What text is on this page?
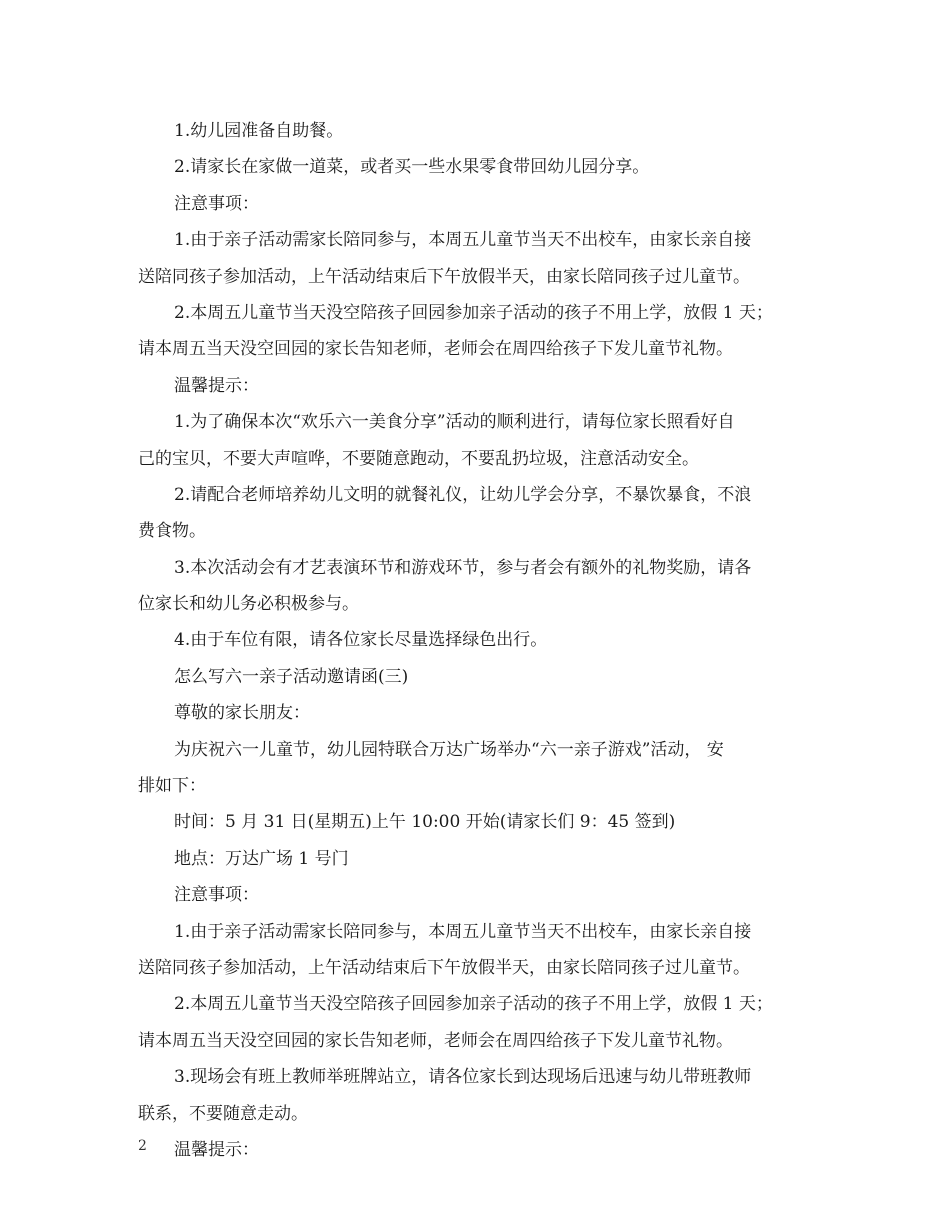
1.幼儿园准备自助餐。
2.请家长在家做一道菜，或者买一些水果零食带回幼儿园分享。
注意事项：
1.由于亲子活动需家长陪同参与，本周五儿童节当天不出校车，由家长亲自接
送陪同孩子参加活动，上午活动结束后下午放假半天，由家长陪同孩子过儿童节。
2.本周五儿童节当天没空陪孩子回园参加亲子活动的孩子不用上学，放假 1 天；
请本周五当天没空回园的家长告知老师，老师会在周四给孩子下发儿童节礼物。
温馨提示：
1.为了确保本次“欢乐六一美食分享”活动的顺利进行，请每位家长照看好自
己的宝贝，不要大声喧哗，不要随意跑动，不要乱扔垃圾，注意活动安全。
2.请配合老师培养幼儿文明的就餐礼仪，让幼儿学会分享，不暴饮暴食，不浪
费食物。
3.本次活动会有才艺表演环节和游戏环节，参与者会有额外的礼物奖励，请各
位家长和幼儿务必积极参与。
4.由于车位有限，请各位家长尽量选择绿色出行。
怎么写六一亲子活动邀请函(三)
尊敬的家长朋友：
为庆祝六一儿童节，幼儿园特联合万达广场举办“六一亲子游戏”活动， 安
排如下：
时间：5 月 31 日(星期五)上午 10:00 开始(请家长们 9：45 签到)
地点：万达广场 1 号门
注意事项：
1.由于亲子活动需家长陪同参与，本周五儿童节当天不出校车，由家长亲自接
送陪同孩子参加活动，上午活动结束后下午放假半天，由家长陪同孩子过儿童节。
2.本周五儿童节当天没空陪孩子回园参加亲子活动的孩子不用上学，放假 1 天；
请本周五当天没空回园的家长告知老师，老师会在周四给孩子下发儿童节礼物。
3.现场会有班上教师举班牌站立，请各位家长到达现场后迅速与幼儿带班教师
联系，不要随意走动。
温馨提示：
2
